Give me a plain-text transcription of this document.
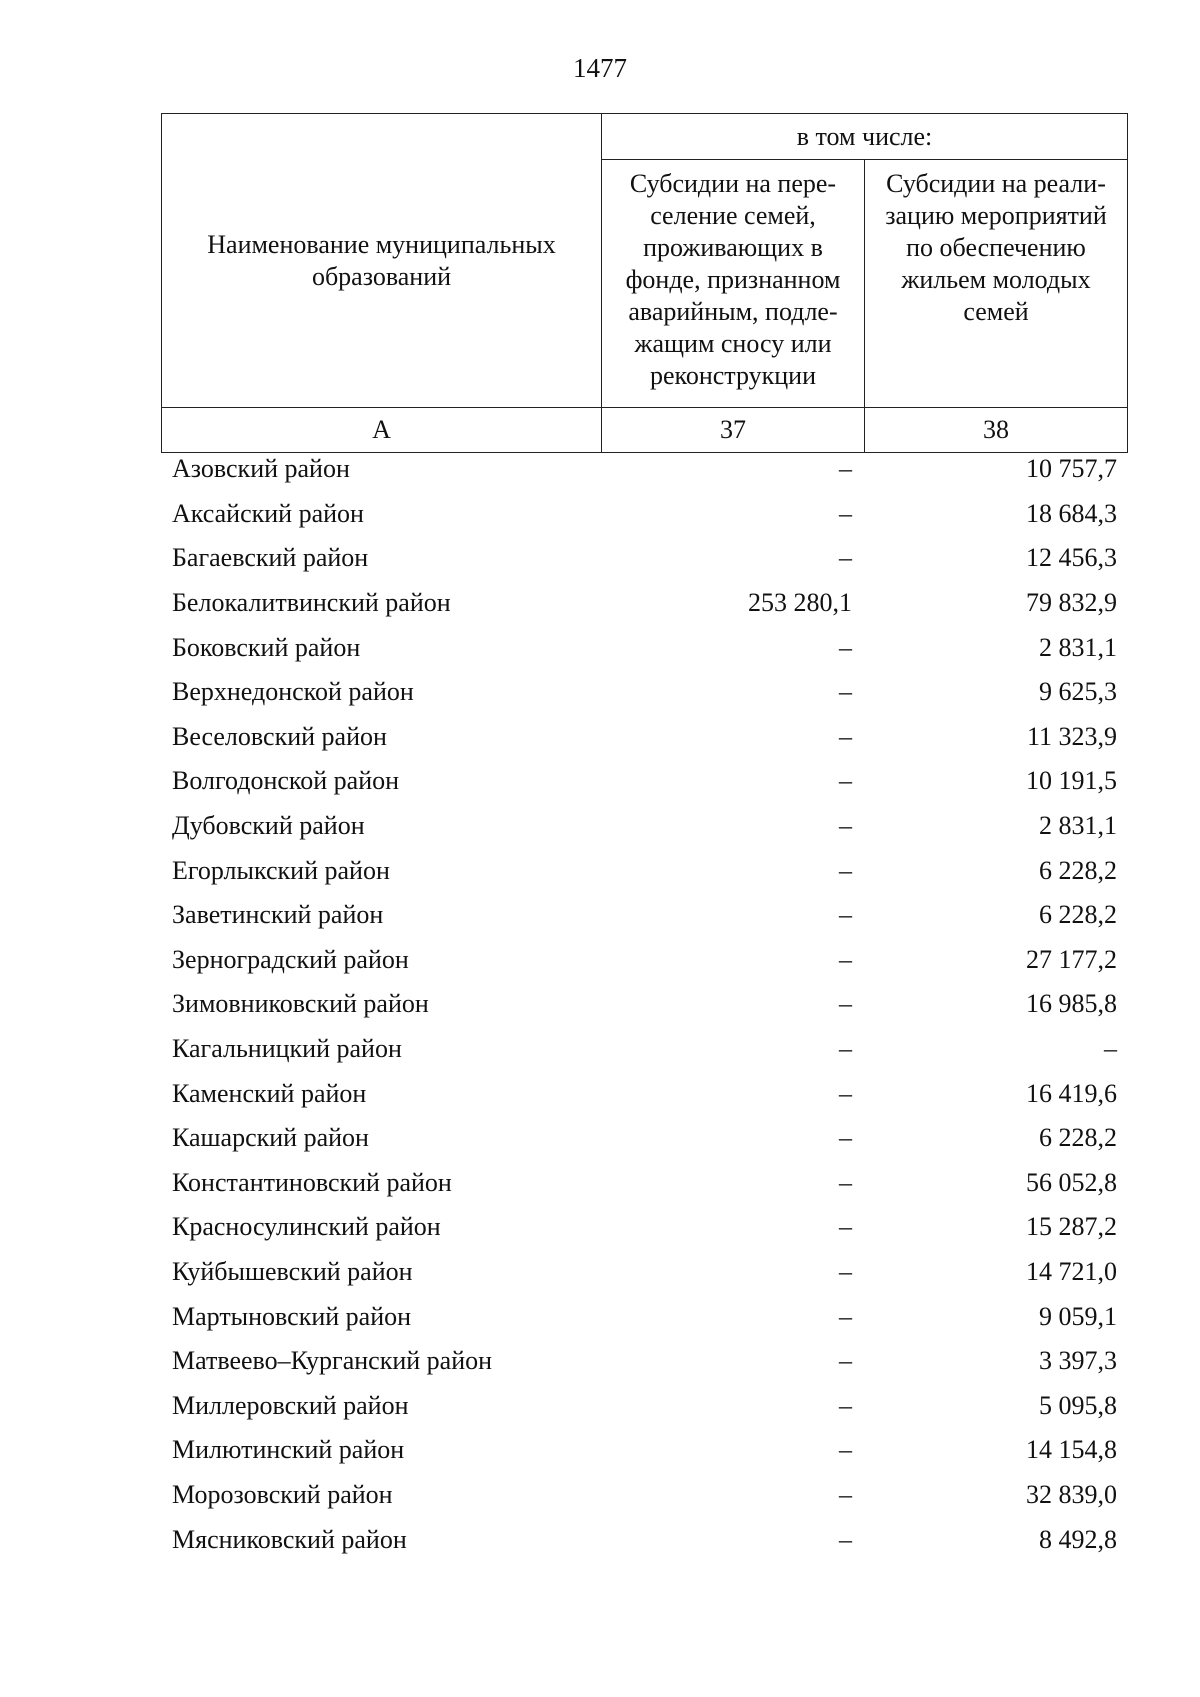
1477
Наименование муниципальных образований	в том числе:	
	Субсидии на пере-селение семей, проживающих в фонде, признанном аварийным, подле-жащим сносу или реконструкции	Субсидии на реали-зацию мероприятий по обеспечению жильем молодых семей
А	37	38
Азовский район	–	10 757,7
Аксайский район	–	18 684,3
Багаевский район	–	12 456,3
Белокалитвинский район	253 280,1	79 832,9
Боковский район	–	2 831,1
Верхнедонской район	–	9 625,3
Веселовский район	–	11 323,9
Волгодонской район	–	10 191,5
Дубовский район	–	2 831,1
Егорлыкский район	–	6 228,2
Заветинский район	–	6 228,2
Зерноградский район	–	27 177,2
Зимовниковский район	–	16 985,8
Кагальницкий район	–	–
Каменский район	–	16 419,6
Кашарский район	–	6 228,2
Константиновский район	–	56 052,8
Красносулинский район	–	15 287,2
Куйбышевский район	–	14 721,0
Мартыновский район	–	9 059,1
Матвеево–Курганский район	–	3 397,3
Миллеровский район	–	5 095,8
Милютинский район	–	14 154,8
Морозовский район	–	32 839,0
Мясниковский район	–	8 492,8
